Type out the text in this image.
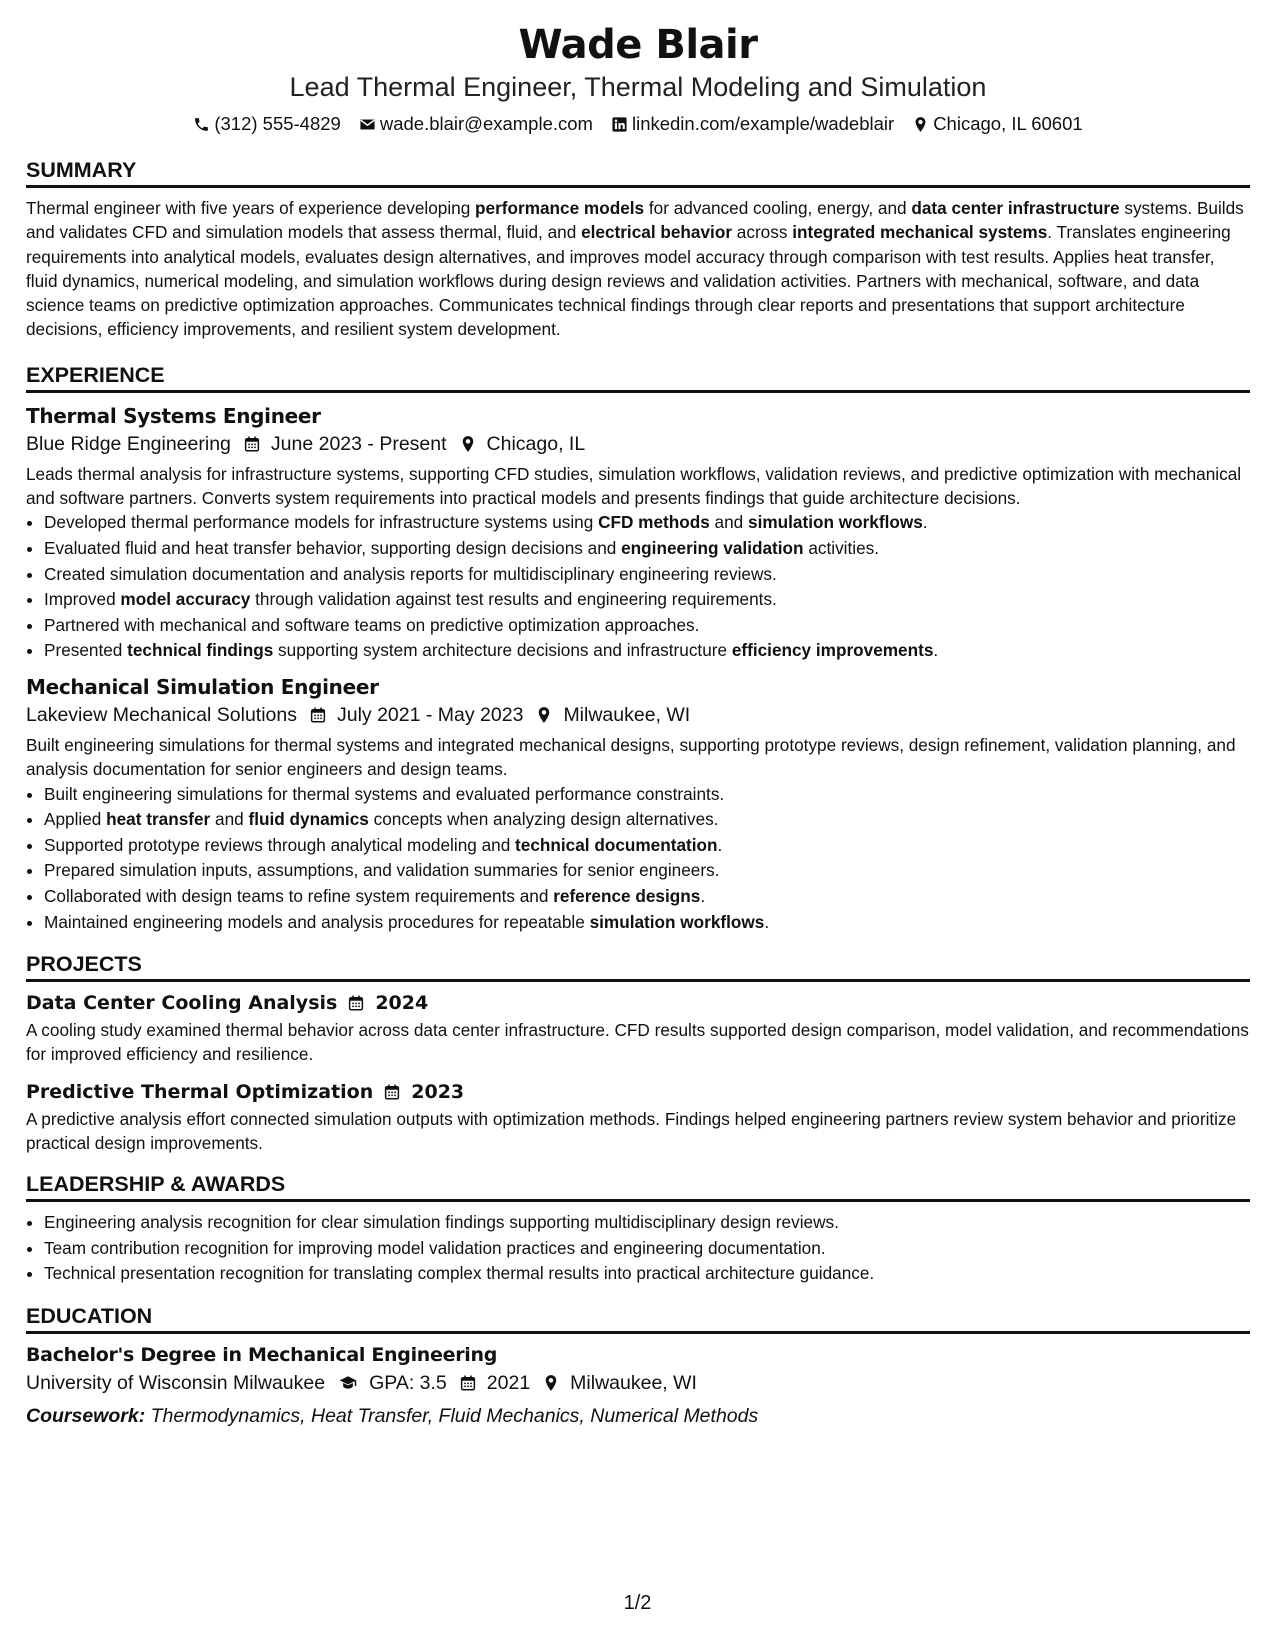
Wade Blair
Lead Thermal Engineer, Thermal Modeling and Simulation
(312) 555-4829 wade.blair@example.com linkedin.com/example/wadeblair Chicago, IL 60601
SUMMARY

Thermal engineer with five years of experience developing performance models for advanced cooling, energy, and data center infrastructure systems. Builds and validates CFD and simulation models that assess thermal, fluid, and electrical behavior across integrated mechanical systems. Translates engineering requirements into analytical models, evaluates design alternatives, and improves model accuracy through comparison with test results. Applies heat transfer, fluid dynamics, numerical modeling, and simulation workflows during design reviews and validation activities. Partners with mechanical, software, and data science teams on predictive optimization approaches. Communicates technical findings through clear reports and presentations that support architecture decisions, efficiency improvements, and resilient system development.

EXPERIENCE
Thermal Systems Engineer
Blue Ridge Engineering June 2023 - Present Chicago, IL

Leads thermal analysis for infrastructure systems, supporting CFD studies, simulation workflows, validation reviews, and predictive optimization with mechanical and software partners. Converts system requirements into practical models and presents findings that guide architecture decisions.

• Developed thermal performance models for infrastructure systems using CFD methods and simulation workflows.
• Evaluated fluid and heat transfer behavior, supporting design decisions and engineering validation activities.
• Created simulation documentation and analysis reports for multidisciplinary engineering reviews.
• Improved model accuracy through validation against test results and engineering requirements.
• Partnered with mechanical and software teams on predictive optimization approaches.
• Presented technical findings supporting system architecture decisions and infrastructure efficiency improvements.
Mechanical Simulation Engineer
Lakeview Mechanical Solutions July 2021 - May 2023 Milwaukee, WI

Built engineering simulations for thermal systems and integrated mechanical designs, supporting prototype reviews, design refinement, validation planning, and analysis documentation for senior engineers and design teams.

• Built engineering simulations for thermal systems and evaluated performance constraints.
• Applied heat transfer and fluid dynamics concepts when analyzing design alternatives.
• Supported prototype reviews through analytical modeling and technical documentation.
• Prepared simulation inputs, assumptions, and validation summaries for senior engineers.
• Collaborated with design teams to refine system requirements and reference designs.
• Maintained engineering models and analysis procedures for repeatable simulation workflows.
PROJECTS
Data Center Cooling Analysis 2024

A cooling study examined thermal behavior across data center infrastructure. CFD results supported design comparison, model validation, and recommendations for improved efficiency and resilience.

Predictive Thermal Optimization 2023

A predictive analysis effort connected simulation outputs with optimization methods. Findings helped engineering partners review system behavior and prioritize practical design improvements.

LEADERSHIP & AWARDS
• Engineering analysis recognition for clear simulation findings supporting multidisciplinary design reviews.
• Team contribution recognition for improving model validation practices and engineering documentation.
• Technical presentation recognition for translating complex thermal results into practical architecture guidance.
EDUCATION
Bachelor's Degree in Mechanical Engineering
University of Wisconsin Milwaukee GPA: 3.5 2021 Milwaukee, WI
Coursework: Thermodynamics, Heat Transfer, Fluid Mechanics, Numerical Methods
1/2
